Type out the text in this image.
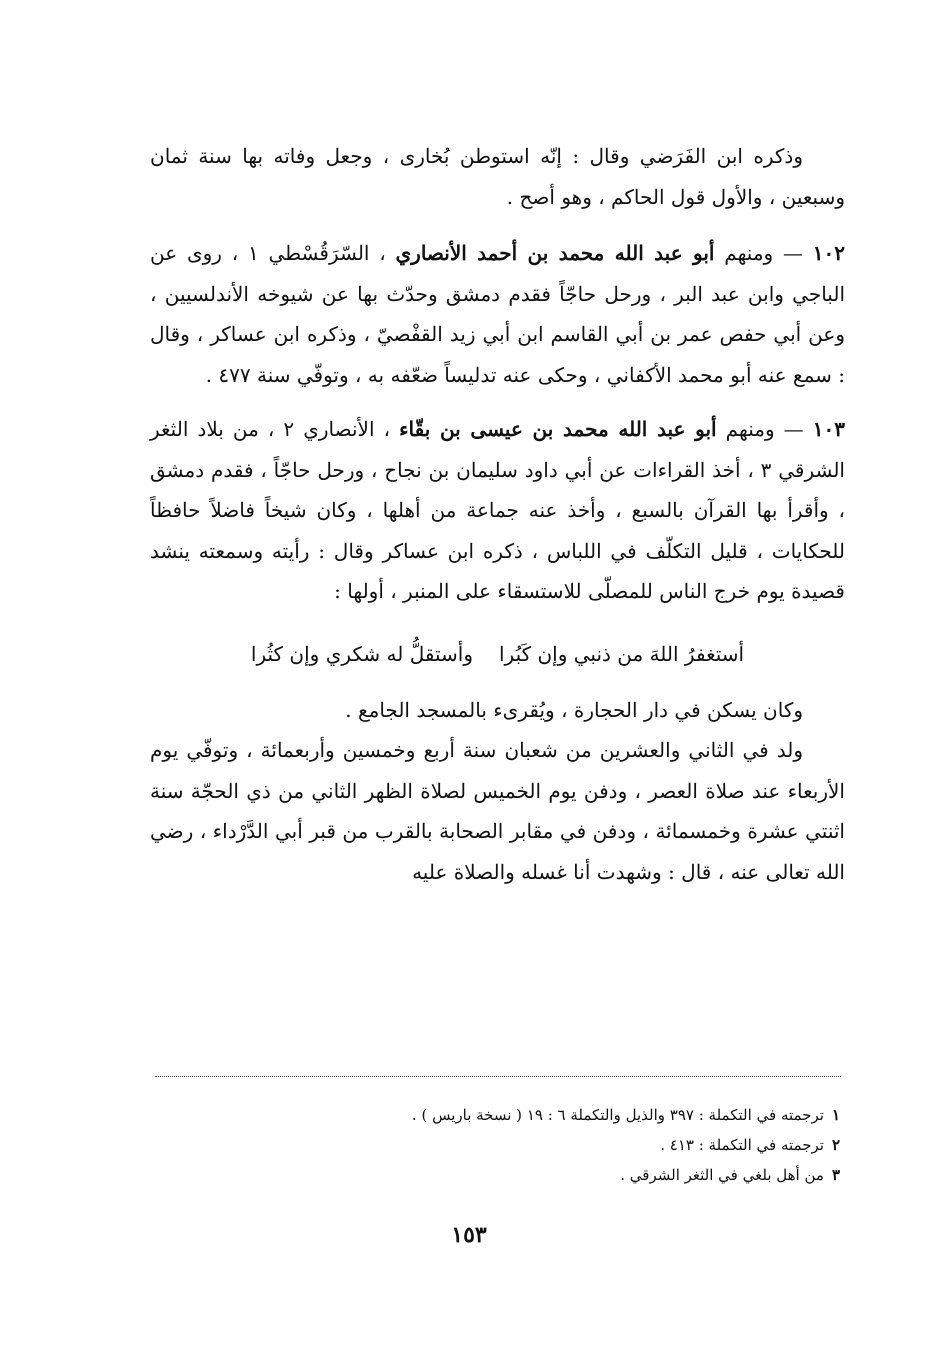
وذكره ابن الفَرَضي وقال : إنّه استوطن بُخارى ، وجعل وفاته بها سنة ثمان وسبعين ، والأول قول الحاكم ، وهو أصح .

١٠٢ — ومنهم أبو عبد الله محمد بن أحمد الأنصاري ، السّرَقُسْطي ١ ، روى عن الباجي وابن عبد البر ، ورحل حاجّاً فقدم دمشق وحدّث بها عن شيوخه الأندلسيين ، وعن أبي حفص عمر بن أبي القاسم ابن أبي زيد القفْصيّ ، وذكره ابن عساكر ، وقال : سمع عنه أبو محمد الأكفاني ، وحكى عنه تدليساً ضعّفه به ، وتوفّي سنة ٤٧٧ .

١٠٣ — ومنهم أبو عبد الله محمد بن عيسى بن بقّاء ، الأنصاري ٢ ، من بلاد الثغر الشرقي ٣ ، أخذ القراءات عن أبي داود سليمان بن نجاح ، ورحل حاجّاً ، فقدم دمشق ، وأقرأ بها القرآن بالسبع ، وأخذ عنه جماعة من أهلها ، وكان شيخاً فاضلاً حافظاً للحكايات ، قليل التكلّف في اللباس ، ذكره ابن عساكر وقال : رأيته وسمعته ينشد قصيدة يوم خرج الناس للمصلّى للاستسقاء على المنبر ، أولها :

أستغفرُ اللهَ من ذنبي وإن كَبُرا
وأستقلُّ له شكري وإن كثُرا

وكان يسكن في دار الحجارة ، ويُقرىء بالمسجد الجامع .

ولد في الثاني والعشرين من شعبان سنة أربع وخمسين وأربعمائة ، وتوفّي يوم الأربعاء عند صلاة العصر ، ودفن يوم الخميس لصلاة الظهر الثاني من ذي الحجّة سنة اثنتي عشرة وخمسمائة ، ودفن في مقابر الصحابة بالقرب من قبر أبي الدَّرْداء ، رضي الله تعالى عنه ، قال : وشهدت أنا غسله والصلاة عليه

١ترجمته في التكملة : ٣٩٧ والذيل والتكملة ٦ : ١٩ ( نسخة باريس ) .

٢ترجمته في التكملة : ٤١٣ .

٣من أهل بلغي في الثغر الشرقي .

١٥٣
